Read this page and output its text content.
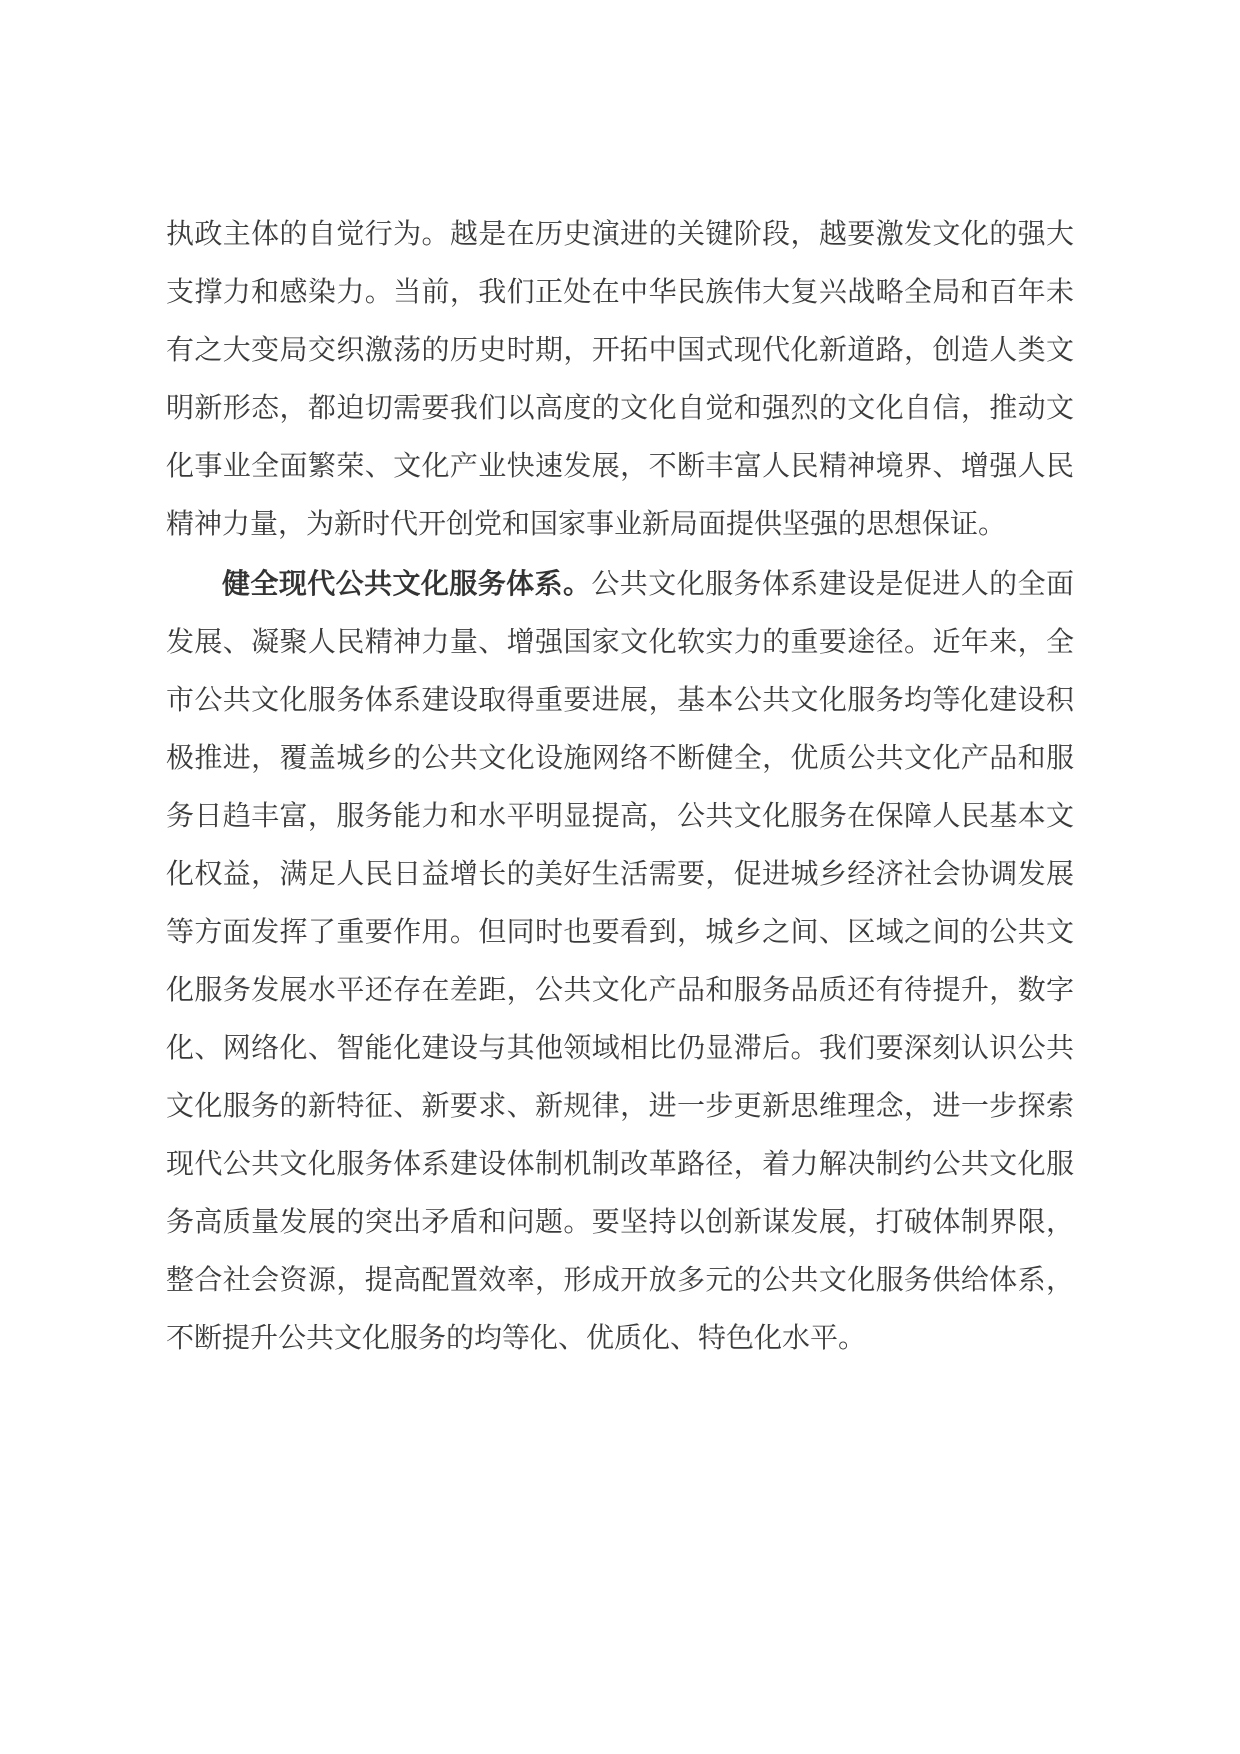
执政主体的自觉行为。越是在历史演进的关键阶段，越要激发文化的强大

支撑力和感染力。当前，我们正处在中华民族伟大复兴战略全局和百年未

有之大变局交织激荡的历史时期，开拓中国式现代化新道路，创造人类文

明新形态，都迫切需要我们以高度的文化自觉和强烈的文化自信，推动文

化事业全面繁荣、文化产业快速发展，不断丰富人民精神境界、增强人民

精神力量，为新时代开创党和国家事业新局面提供坚强的思想保证。

健全现代公共文化服务体系。公共文化服务体系建设是促进人的全面

发展、凝聚人民精神力量、增强国家文化软实力的重要途径。近年来，全

市公共文化服务体系建设取得重要进展，基本公共文化服务均等化建设积

极推进，覆盖城乡的公共文化设施网络不断健全，优质公共文化产品和服

务日趋丰富，服务能力和水平明显提高，公共文化服务在保障人民基本文

化权益，满足人民日益增长的美好生活需要，促进城乡经济社会协调发展

等方面发挥了重要作用。但同时也要看到，城乡之间、区域之间的公共文

化服务发展水平还存在差距，公共文化产品和服务品质还有待提升，数字

化、网络化、智能化建设与其他领域相比仍显滞后。我们要深刻认识公共

文化服务的新特征、新要求、新规律，进一步更新思维理念，进一步探索

现代公共文化服务体系建设体制机制改革路径，着力解决制约公共文化服

务高质量发展的突出矛盾和问题。要坚持以创新谋发展，打破体制界限，

整合社会资源，提高配置效率，形成开放多元的公共文化服务供给体系，

不断提升公共文化服务的均等化、优质化、特色化水平。
